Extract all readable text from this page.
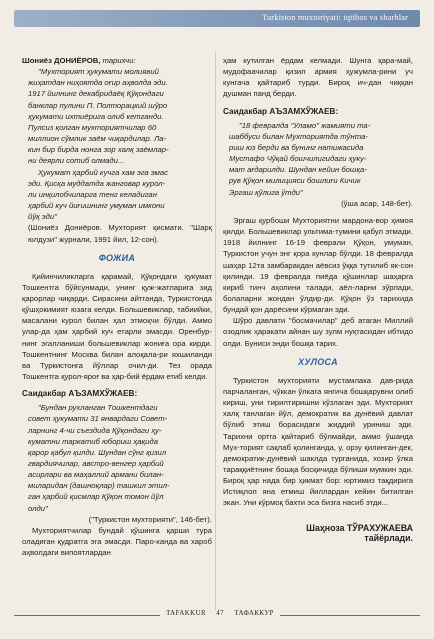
Turkiston muxtoriyati: iqtibos va sharhlar

Шониёз ДОНИЁРОВ, тарихчи:

"Мухторият ҳукумати молиявий

жиҳатдан ниҳоятда оғир аҳволда эди.

1917 йилнинг декабридаёқ Қўқондаги

банклар пулини П. Полторацкий шўро

ҳукумати ихтиёрига олиб кетганди.

Пулсиз қолган мухториятчилар 60

миллион сўмлик заём чиқардилар. Ла-

кин бир бирда нонга зор халқ заёмлар-

ни деярли сотиб олмади...

Ҳукумат ҳарбий кучга хам эга эмас

эди. Қисқа муддатда жанговар курол-

ли инқилобчиларга тенг келадиган

ҳарбий куч йиғишнинг умуман имкони

йўқ эди"

(Шониёз Дониёров. Мухторият қисмати. "Шарқ юлдузи" журнали, 1991 йил, 12-сон).

ФОЖИА

Қийинчиликларга қарамай, Қўқондаги ҳукумат Тошкентга бўйсунмади, унинг қуж-жатларига зид қарорлар чиқарди. Сирасини айтганда, Туркистонда қўшҳокимият юзага келди. Большевиклар, табиийки, масалани курол билан ҳал этмоқчи бўлди. Аммо улар-да ҳам ҳарбий куч етарли эмасди. Оренбур-нинг эгалланиши большевиклар жониға ора кирди. Тошкентнинг Москва билан алоқала-ри яхшиланди ва Туркистонга йўллар очил-ди. Тез орада Тошкентга қурол-яроғ ва ҳар-бий ёрдам етиб келди.

Саидакбар АЪЗАМХЎЖАЕВ:

"Бундан рухланган Тошкентдаги

совет ҳукумати 31 январдаги Совет-

ларнинг 4-чи съездида Қўқондаги ҳу-

куматни таркатиб юбориш ҳақида

қарор қабул қилди. Шундан сўнг қизил

гвардиячилар, австро-венгер ҳарбий

асирлари ва маҳаллий армани билан-

миларидан (дашноқлар) ташкил этил-

ган ҳарбий қисмлар Қўқон томон йўл

олди"

("Туркистон мухторияти", 146-бет).

Мухториятчилар бундай қўшинга қарши тура оладиган қудратга эга эмасди. Паро-канда ва хароб аҳволдаги випоятлардан

ҳам кутилган ёрдам келмади. Шунга қара-май, мудофаачилар қизил армия ҳужумла-рини уч кунгача қайтариб турди. Бироқ ич-дан чиққан душман панд берди.

Саидакбар АЪЗАМХЎЖАЕВ:

"18 февралда "Уламо" жамияти та-

шаббуси билан Мухториятда тўнта-

риш юз берди ва бунинг натижасида

Мустафо Чўқай бошчилигидаги ҳуку-

мат ағдарилди. Шундан кейин бошқа-

рув Қўқон милицияси бошлиғи Кичик

Эргаш қўлига ўтди"

(ўша асар, 148-бет).

Эргаш қурбоши Мухториятни мардона-вор ҳимоя қилди. Большевиклар ультима-тумини қабул этмади. 1918 йилнинг 16-19 феврали Қўқон, умуман, Туркистон учун энг қора кунлар бўлди. 18 февралда шаҳар 12та замбаракдан аёвсиз ўққа тутилиб як-сон қилинди. 19 февралда пиёда қўшинлар шаҳарга кириб тинч аҳолини талади, аёл-ларни зўрлади, болаларни жондан ўлдир-ди. Қўқон ўз тарихида бундай қон дарёсини кўрмаган эди.

Шўро давлати "босмачилар" деб атаган Миллий озодлик ҳаракати айнан шу зулм нуқтасидан ибтидо олди. Буниси энди бошқа тарих.

ХУЛОСА

Туркистон мухторияти мустамлака дав-рида парчаланган, чўккан ўлкага янгича бошқарувни олиб кириш, уни тирилтиришни кўзлаган эди. Мухторият халқ танлаган йўл, демократик ва дунёвий давлат бўлиб этиш борасидаги жиддий уриниш эди. Тарихни ортга қайтариб бўлмайди, аммо ўшанда Мух-торият сақлаб қолинганда, у, орзу қилинган-дек, демократик-дунёвий шаклда турганида, хозир ўлка тараққиётнинг бошқа босқичида бўлиши мумкин эди. Бироқ ҳар нада бир ҳикмат бор: юртимиз тақдирига Истиқлол яна етмиш йиллардан кейин битилган экан. Уни кўрмоқ бахти эса бизга насиб этди...

Шаҳноза ТЎРАХУЖАЕВА
тайёрлади.
TAFAKKUR 47 ТАФАККУР
